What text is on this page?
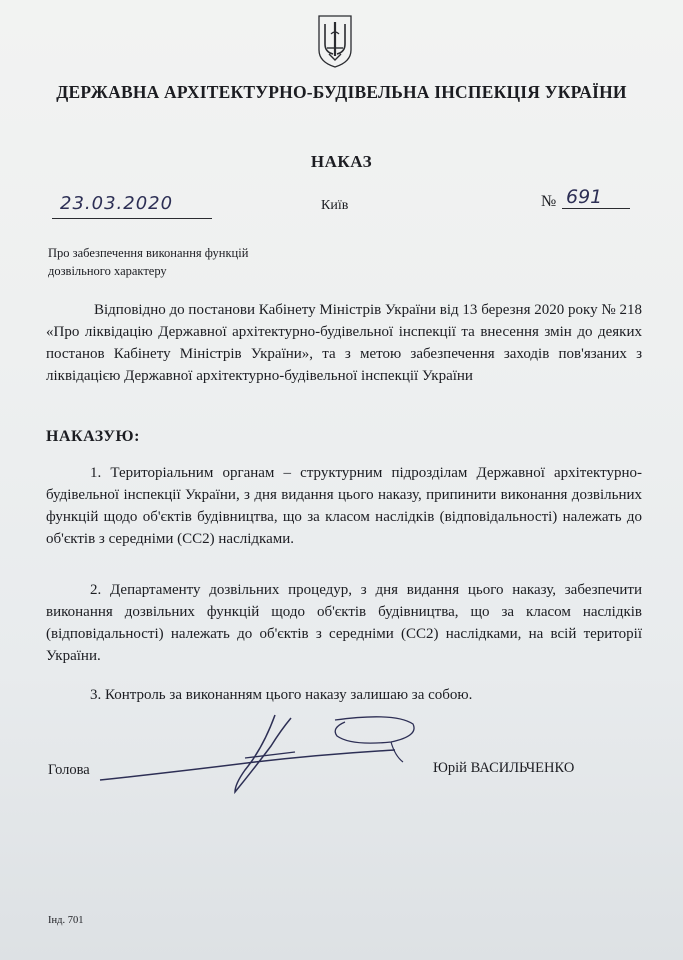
ДЕРЖАВНА АРХІТЕКТУРНО-БУДІВЕЛЬНА ІНСПЕКЦІЯ УКРАЇНИ
НАКАЗ
23.03.2020	Київ	№ 691
Про забезпечення виконання функцій дозвільного характеру
Відповідно до постанови Кабінету Міністрів України від 13 березня 2020 року № 218 «Про ліквідацію Державної архітектурно-будівельної інспекції та внесення змін до деяких постанов Кабінету Міністрів України», та з метою забезпечення заходів пов'язаних з ліквідацією Державної архітектурно-будівельної інспекції України
НАКАЗУЮ:
1. Територіальним органам – структурним підрозділам Державної архітектурно-будівельної інспекції України, з дня видання цього наказу, припинити виконання дозвільних функцій щодо об'єктів будівництва, що за класом наслідків (відповідальності) належать до об'єктів з середніми (СС2) наслідками.
2. Департаменту дозвільних процедур, з дня видання цього наказу, забезпечити виконання дозвільних функцій щодо об'єктів будівництва, що за класом наслідків (відповідальності) належать до об'єктів з середніми (СС2) наслідками, на всій території України.
3. Контроль за виконанням цього наказу залишаю за собою.
Голова	Юрій ВАСИЛЬЧЕНКО
Інд. 701
